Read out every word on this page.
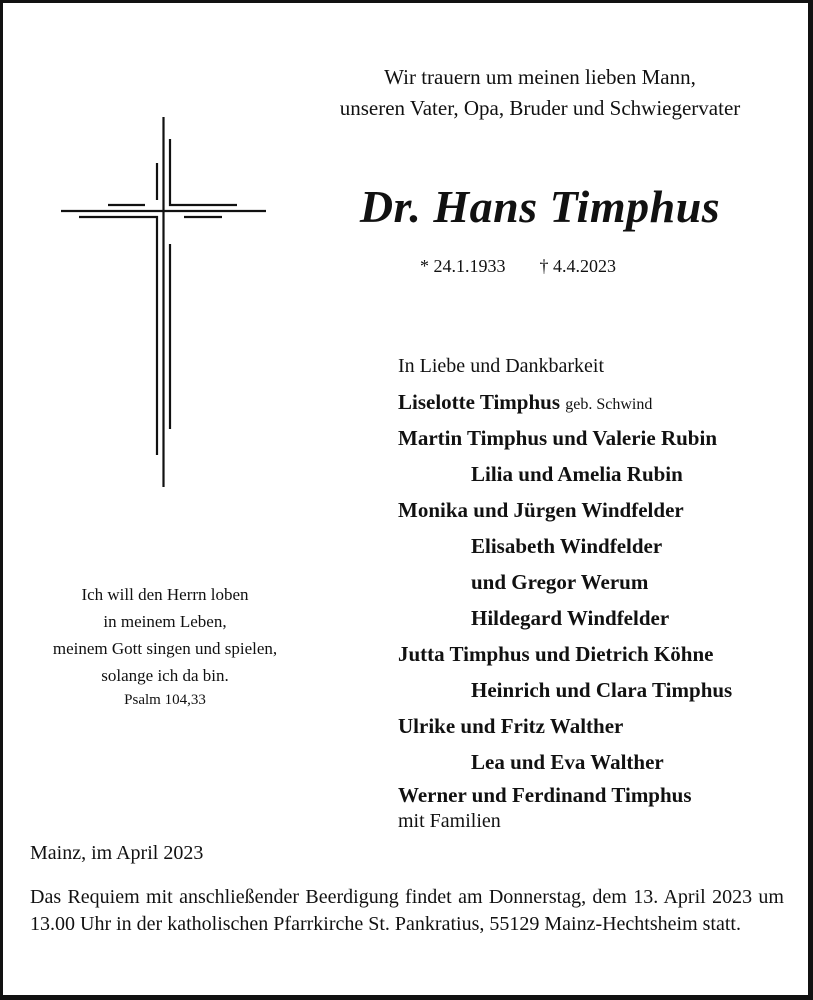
Wir trauern um meinen lieben Mann,
unseren Vater, Opa, Bruder und Schwiegervater
Dr. Hans Timphus
* 24.1.1933 † 4.4.2023
In Liebe und Dankbarkeit
Liselotte Timphus geb. Schwind
Martin Timphus und Valerie Rubin
Lilia und Amelia Rubin
Monika und Jürgen Windfelder
Elisabeth Windfelder
und Gregor Werum
Hildegard Windfelder
Jutta Timphus und Dietrich Köhne
Heinrich und Clara Timphus
Ulrike und Fritz Walther
Lea und Eva Walther
Werner und Ferdinand Timphus
mit Familien
Ich will den Herrn loben
in meinem Leben,
meinem Gott singen und spielen,
solange ich da bin.
Psalm 104,33
Mainz, im April 2023
Das Requiem mit anschließender Beerdigung findet am Donnerstag, dem 13. April 2023 um 13.00 Uhr in der katholischen Pfarrkirche St. Pankratius, 55129 Mainz-Hechtsheim statt.
